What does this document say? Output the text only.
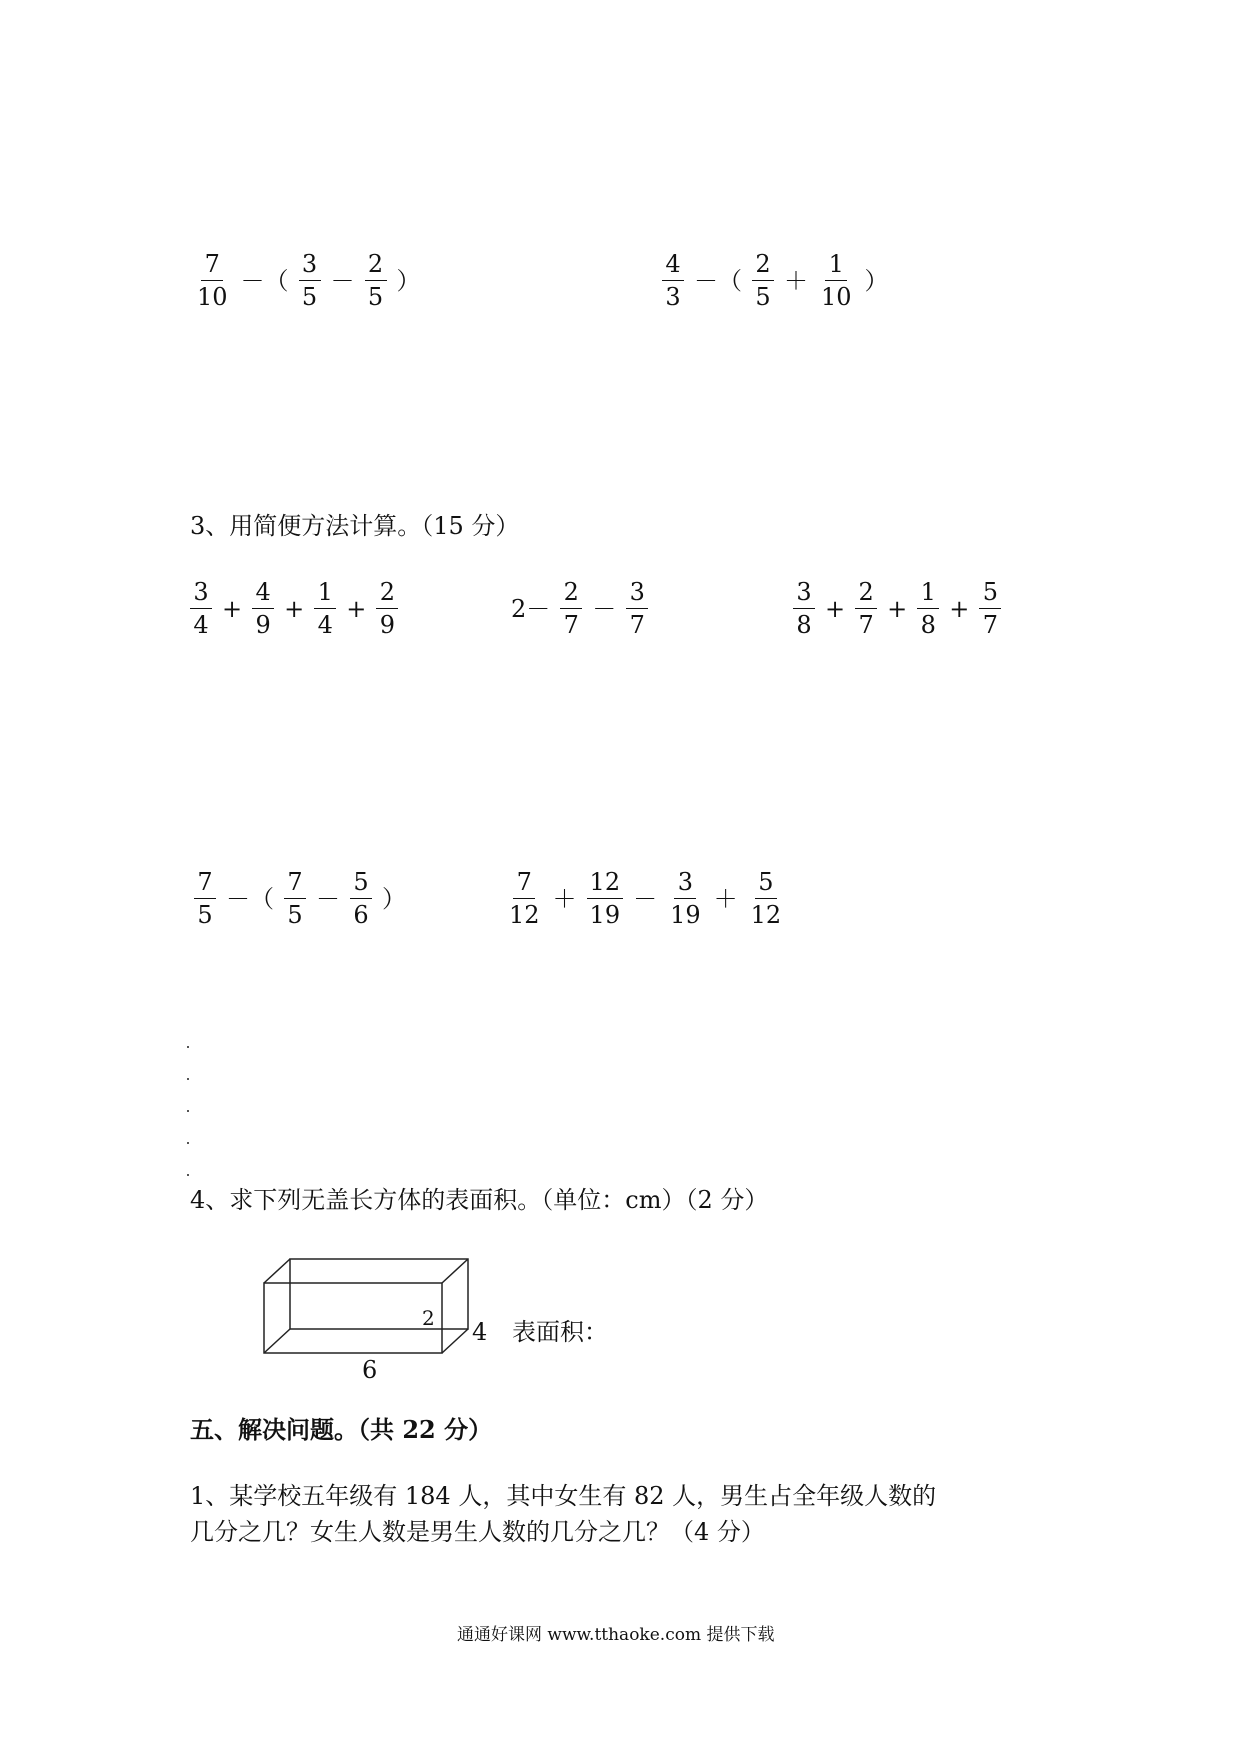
$\frac{7}{10}$ －（ $\frac{3}{5} - \frac{2}{5}$ ）	$\frac{4}{3}$ －（ $\frac{2}{5} + \frac{1}{10}$ ）
3、用简便方法计算。（15 分）
$\frac{3}{4} + \frac{4}{9} + \frac{1}{4} + \frac{2}{9}$	$2- \frac{2}{7} - \frac{3}{7}$	$\frac{3}{8} + \frac{2}{7} + \frac{1}{8} + \frac{5}{7}$
$\frac{7}{5}$ －（ $\frac{7}{5} - \frac{5}{6}$ ）	$\frac{7}{12} + \frac{12}{19} - \frac{3}{19} + \frac{5}{12}$
4、求下列无盖长方体的表面积。（单位：cm）（2 分）
2 4 表面积：
6
五、解决问题。（共 22 分）
1、某学校五年级有 184 人，其中女生有 82 人，男生占全年级人数的
几分之几？女生人数是男生人数的几分之几？（4 分）
通通好课网 www.tthaoke.com 提供下载
